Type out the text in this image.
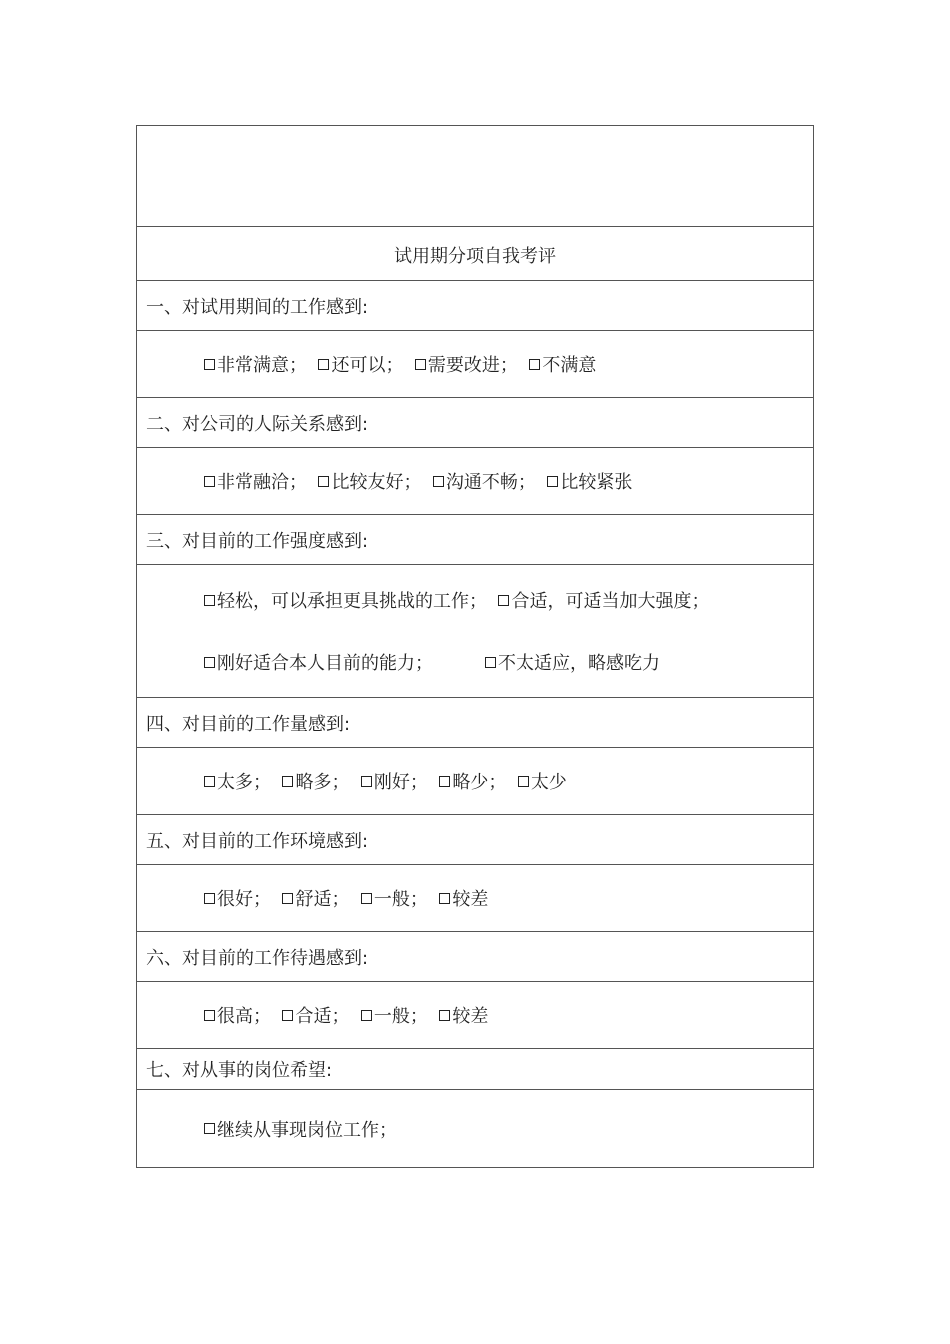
试用期分项自我考评
一、对试用期间的工作感到:
非常满意；
还可以；
需要改进；
不满意
二、对公司的人际关系感到:
非常融洽；
比较友好；
沟通不畅；
比较紧张
三、对目前的工作强度感到:
轻松，可以承担更具挑战的工作；
合适，可适当加大强度；
刚好适合本人目前的能力；	不太适应，略感吃力
四、对目前的工作量感到:
太多；
略多；
刚好；
略少；
太少
五、对目前的工作环境感到:
很好；
舒适；
一般；
较差
六、对目前的工作待遇感到:
很高；
合适；
一般；
较差
七、对从事的岗位希望:
继续从事现岗位工作；
